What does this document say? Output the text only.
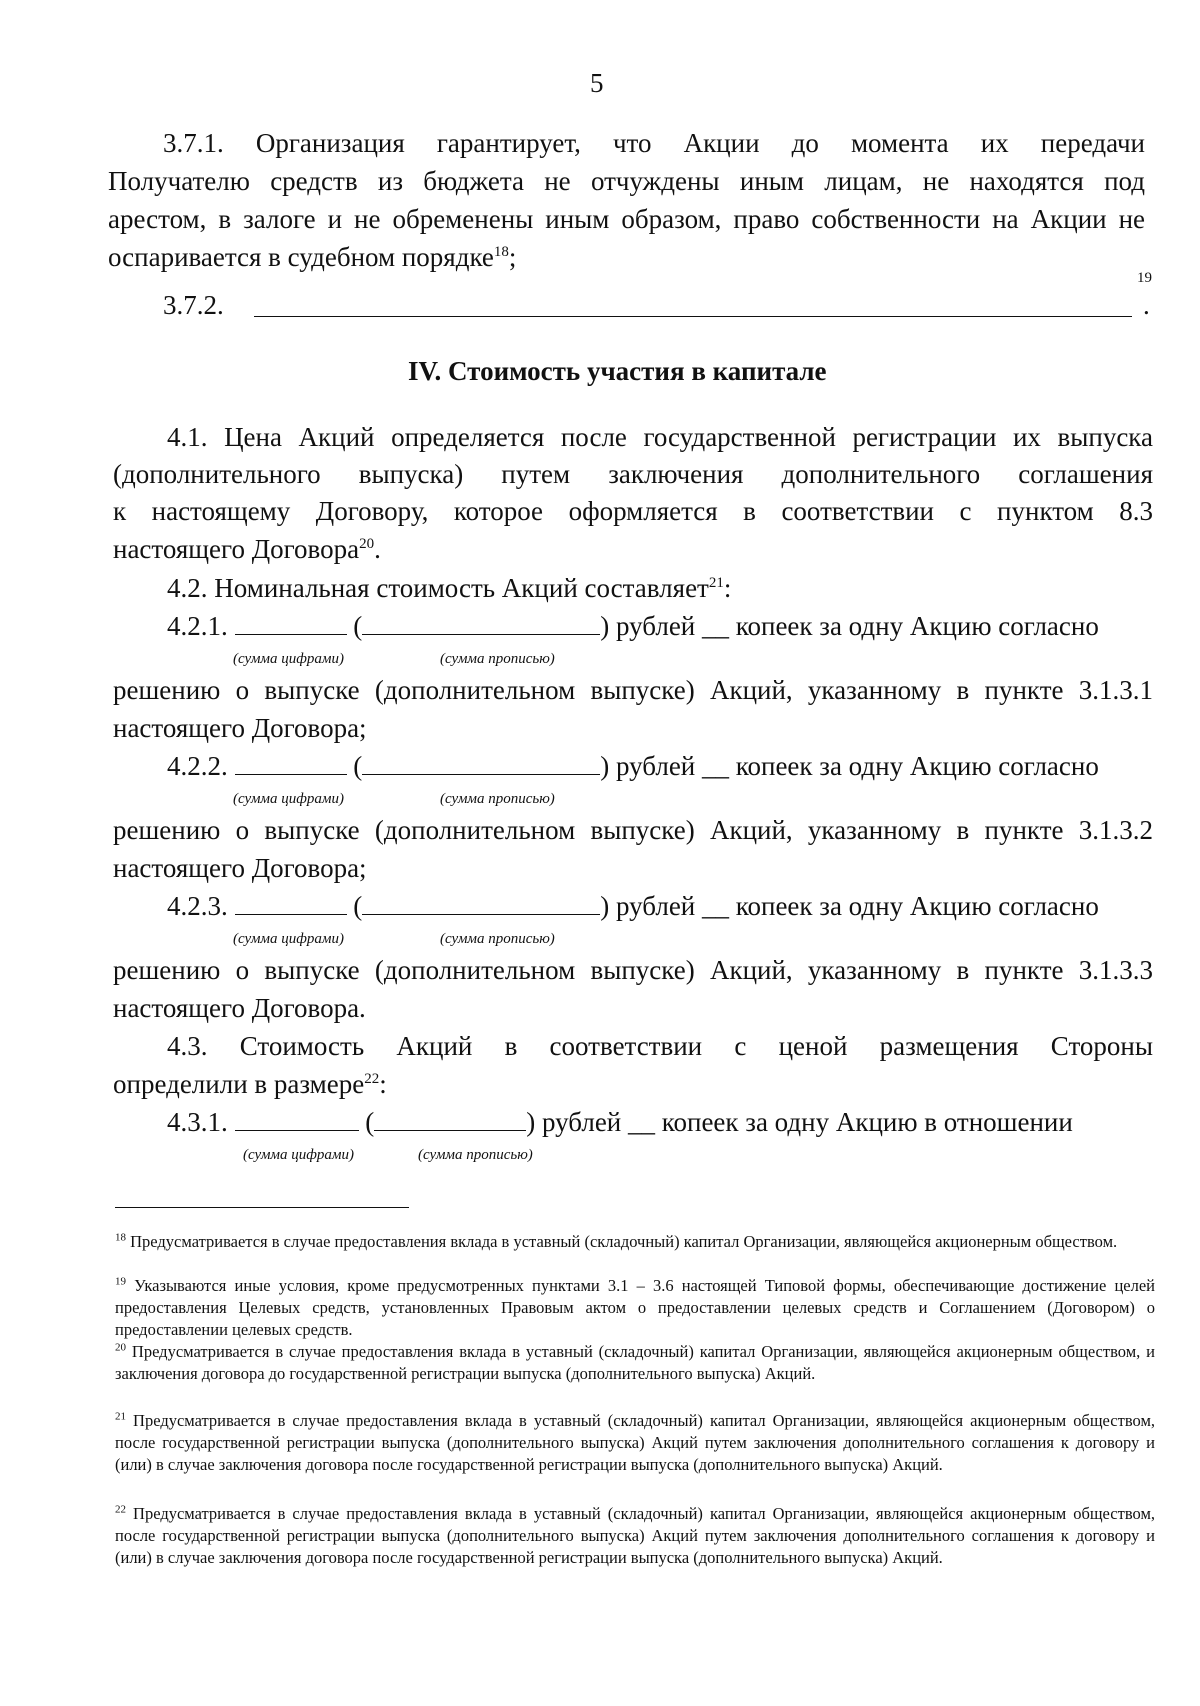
5
3.7.1. Организация гарантирует, что Акции до момента их передачи
Получателю средств из бюджета не отчуждены иным лицам, не находятся под
арестом, в залоге и не обременены иным образом, право собственности на Акции не
оспаривается в судебном порядке$^{18}$;
3.7.2.
19
.
IV. Стоимость участия в капитале
4.1. Цена Акций определяется после государственной регистрации их выпуска
(дополнительного выпуска) путем заключения дополнительного соглашения
к настоящему Договору, которое оформляется в соответствии с пунктом 8.3
настоящего Договора$^{20}$.
4.2. Номинальная стоимость Акций составляет$^{21}$:
4.2.1.	(	) рублей __ копеек за одну Акцию согласно
(сумма цифрами)	(сумма прописью)
решению о выпуске (дополнительном выпуске) Акций, указанному в пункте 3.1.3.1
настоящего Договора;
4.2.2.	(	) рублей __ копеек за одну Акцию согласно
(сумма цифрами)	(сумма прописью)
решению о выпуске (дополнительном выпуске) Акций, указанному в пункте 3.1.3.2
настоящего Договора;
4.2.3.	(	) рублей __ копеек за одну Акцию согласно
(сумма цифрами)	(сумма прописью)
решению о выпуске (дополнительном выпуске) Акций, указанному в пункте 3.1.3.3
настоящего Договора.
4.3. Стоимость Акций в соответствии с ценой размещения Стороны
определили в размере$^{22}$:
4.3.1.	(	) рублей __ копеек за одну Акцию в отношении
(сумма цифрами)	(сумма прописью)
$^{18}$ Предусматривается в случае предоставления вклада в уставный (складочный) капитал Организации, являющейся акционерным обществом.
$^{19}$ Указываются иные условия, кроме предусмотренных пунктами 3.1 – 3.6 настоящей Типовой формы, обеспечивающие достижение целей предоставления Целевых средств, установленных Правовым актом о предоставлении целевых средств и Соглашением (Договором) о предоставлении целевых средств.
$^{20}$ Предусматривается в случае предоставления вклада в уставный (складочный) капитал Организации, являющейся акционерным обществом, и заключения договора до государственной регистрации выпуска (дополнительного выпуска) Акций.
$^{21}$ Предусматривается в случае предоставления вклада в уставный (складочный) капитал Организации, являющейся акционерным обществом, после государственной регистрации выпуска (дополнительного выпуска) Акций путем заключения дополнительного соглашения к договору и (или) в случае заключения договора после государственной регистрации выпуска (дополнительного выпуска) Акций.
$^{22}$ Предусматривается в случае предоставления вклада в уставный (складочный) капитал Организации, являющейся акционерным обществом, после государственной регистрации выпуска (дополнительного выпуска) Акций путем заключения дополнительного соглашения к договору и (или) в случае заключения договора после государственной регистрации выпуска (дополнительного выпуска) Акций.
